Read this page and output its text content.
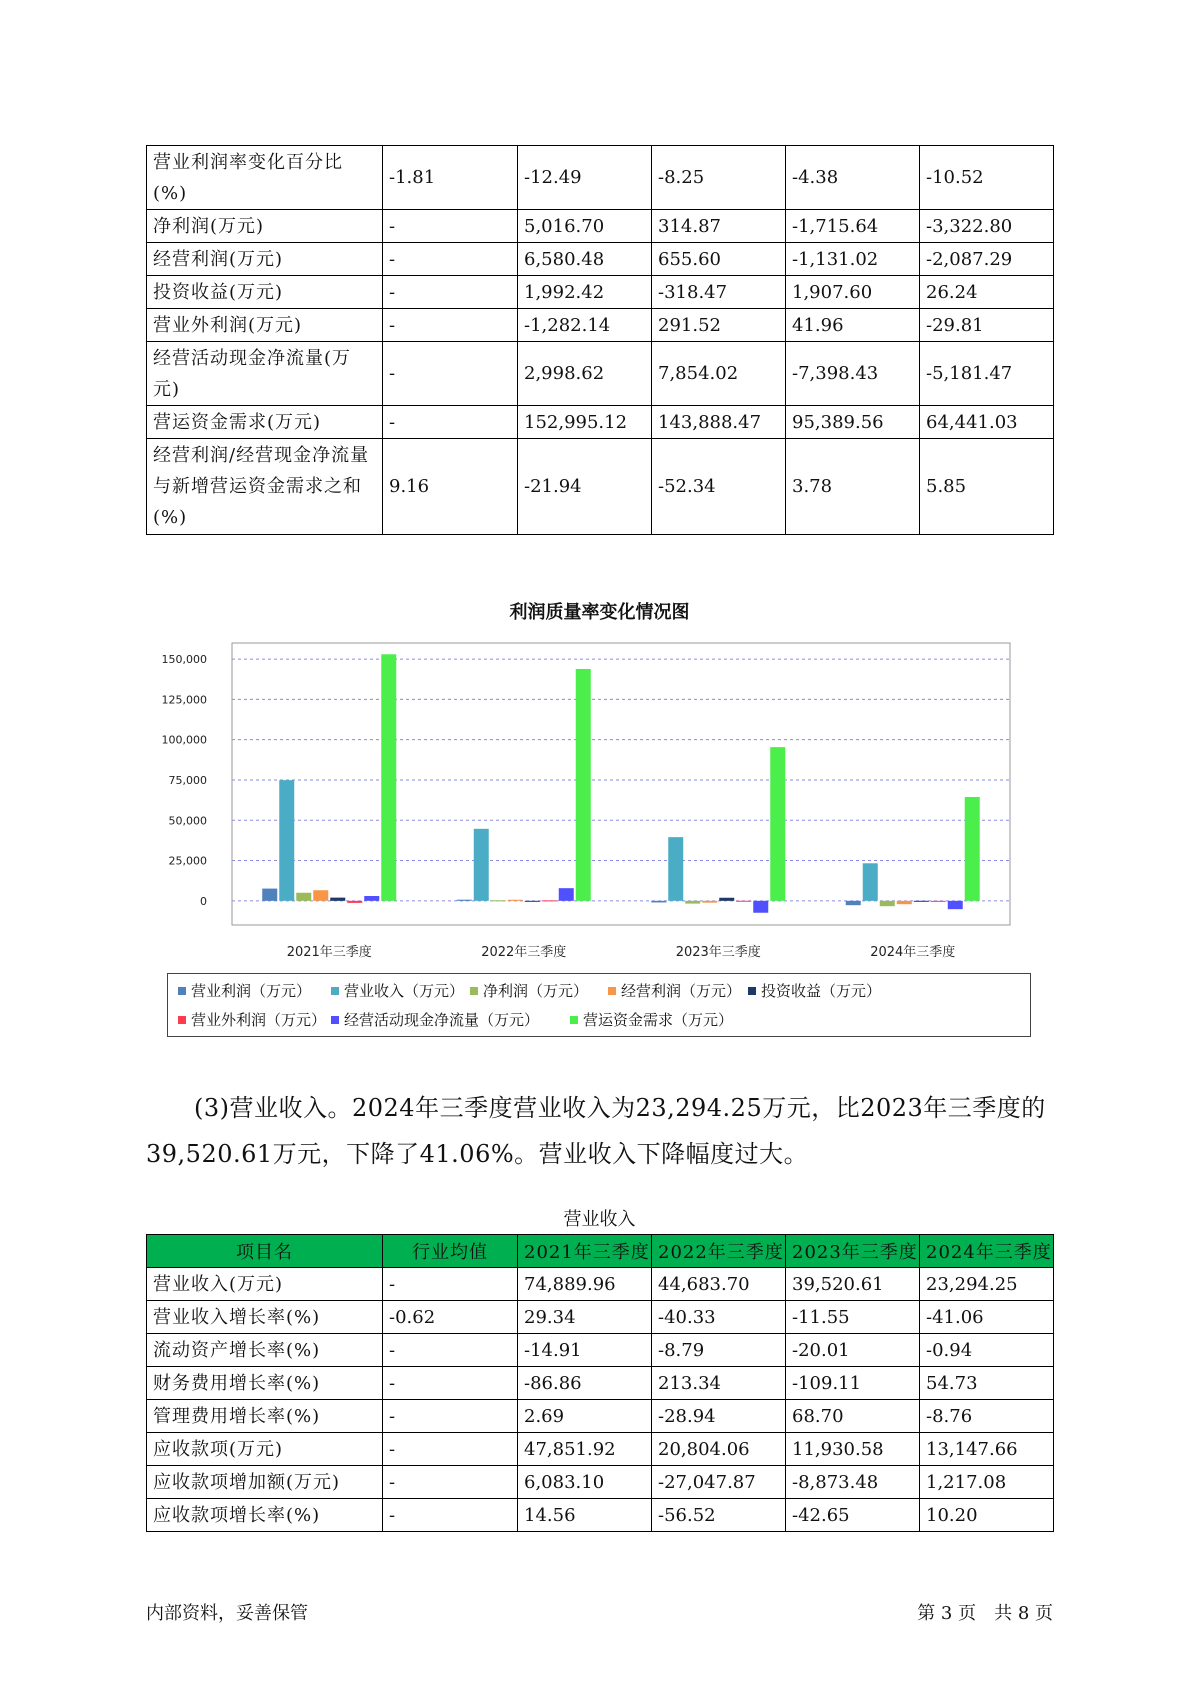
营业利润率变化百分比(%)	-1.81	-12.49	-8.25	-4.38	-10.52
净利润(万元)	-	5,016.70	314.87	-1,715.64	-3,322.80
经营利润(万元)	-	6,580.48	655.60	-1,131.02	-2,087.29
投资收益(万元)	-	1,992.42	-318.47	1,907.60	26.24
营业外利润(万元)	-	-1,282.14	291.52	41.96	-29.81
经营活动现金净流量(万元)	-	2,998.62	7,854.02	-7,398.43	-5,181.47
营运资金需求(万元)	-	152,995.12	143,888.47	95,389.56	64,441.03
经营利润/经营现金净流量与新增营运资金需求之和(%)	9.16	-21.94	-52.34	3.78	5.85
利润质量率变化情况图
0
25,000
50,000
75,000
100,000
125,000
150,000
2021年三季度	2022年三季度	2023年三季度	2024年三季度
营业利润（万元）	营业收入（万元）	净利润（万元）	经营利润（万元）	投资收益（万元）
营业外利润（万元）	经营活动现金净流量（万元）	营运资金需求（万元）
(3)营业收入。2024年三季度营业收入为23,294.25万元，比2023年三季度的39,520.61万元，下降了41.06%。营业收入下降幅度过大。
营业收入
项目名	行业均值	2021年三季度	2022年三季度	2023年三季度	2024年三季度
营业收入(万元)	-	74,889.96	44,683.70	39,520.61	23,294.25
营业收入增长率(%)	-0.62	29.34	-40.33	-11.55	-41.06
流动资产增长率(%)	-	-14.91	-8.79	-20.01	-0.94
财务费用增长率(%)	-	-86.86	213.34	-109.11	54.73
管理费用增长率(%)	-	2.69	-28.94	68.70	-8.76
应收款项(万元)	-	47,851.92	20,804.06	11,930.58	13,147.66
应收款项增加额(万元)	-	6,083.10	-27,047.87	-8,873.48	1,217.08
应收款项增长率(%)	-	14.56	-56.52	-42.65	10.20
内部资料，妥善保管	第 3 页　共 8 页
